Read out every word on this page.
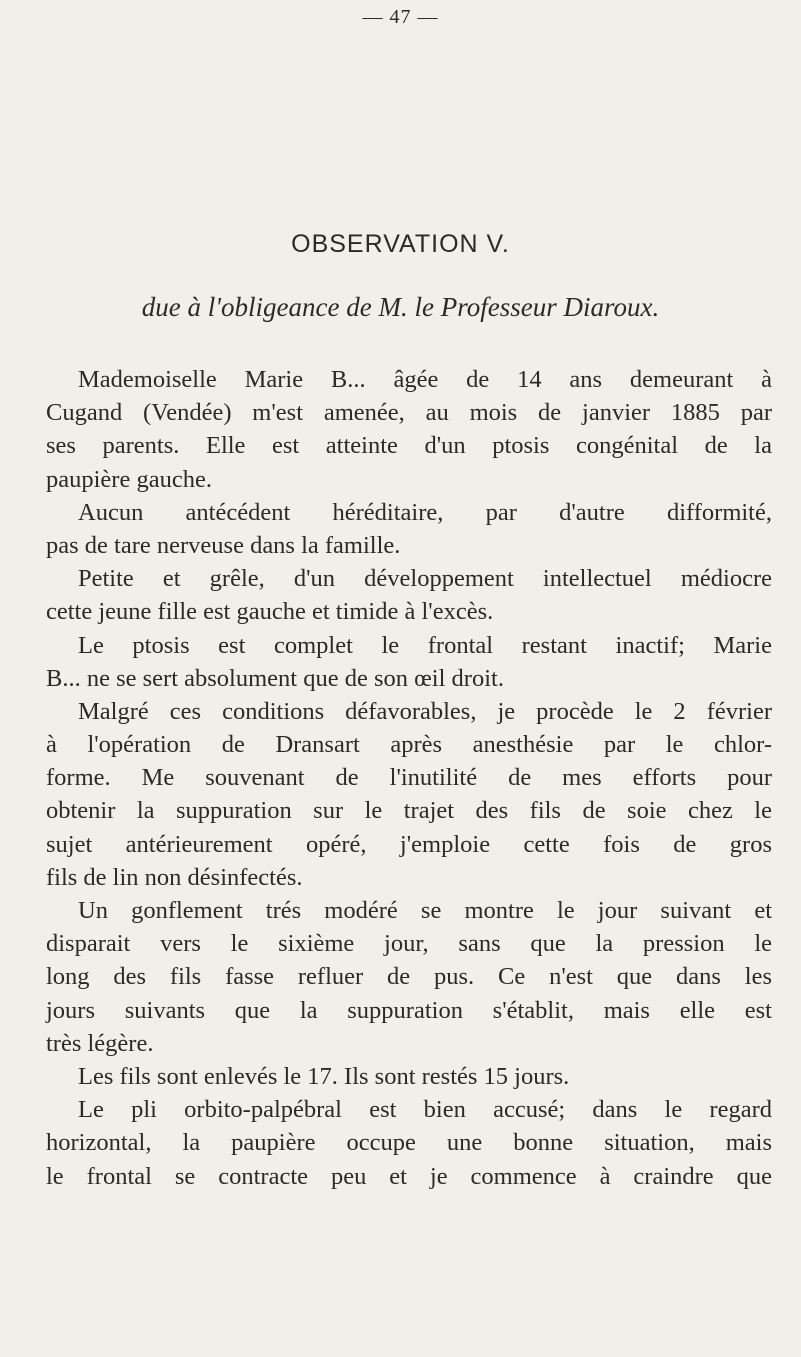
— 47 —
OBSERVATION V.
due à l'obligeance de M. le Professeur Diaroux.
Mademoiselle Marie B... âgée de 14 ans demeurant à
Cugand (Vendée) m'est amenée, au mois de janvier 1885 par
ses parents. Elle est atteinte d'un ptosis congénital de la
paupière gauche.
Aucun antécédent héréditaire, par d'autre difformité,
pas de tare nerveuse dans la famille.
Petite et grêle, d'un développement intellectuel médiocre
cette jeune fille est gauche et timide à l'excès.
Le ptosis est complet le frontal restant inactif; Marie
B... ne se sert absolument que de son œil droit.
Malgré ces conditions défavorables, je procède le 2 février
à l'opération de Dransart après anesthésie par le chlor-
forme. Me souvenant de l'inutilité de mes efforts pour
obtenir la suppuration sur le trajet des fils de soie chez le
sujet antérieurement opéré, j'emploie cette fois de gros
fils de lin non désinfectés.
Un gonflement trés modéré se montre le jour suivant et
disparait vers le sixième jour, sans que la pression le
long des fils fasse refluer de pus. Ce n'est que dans les
jours suivants que la suppuration s'établit, mais elle est
très légère.
Les fils sont enlevés le 17. Ils sont restés 15 jours.
Le pli orbito-palpébral est bien accusé; dans le regard
horizontal, la paupière occupe une bonne situation, mais
le frontal se contracte peu et je commence à craindre que
